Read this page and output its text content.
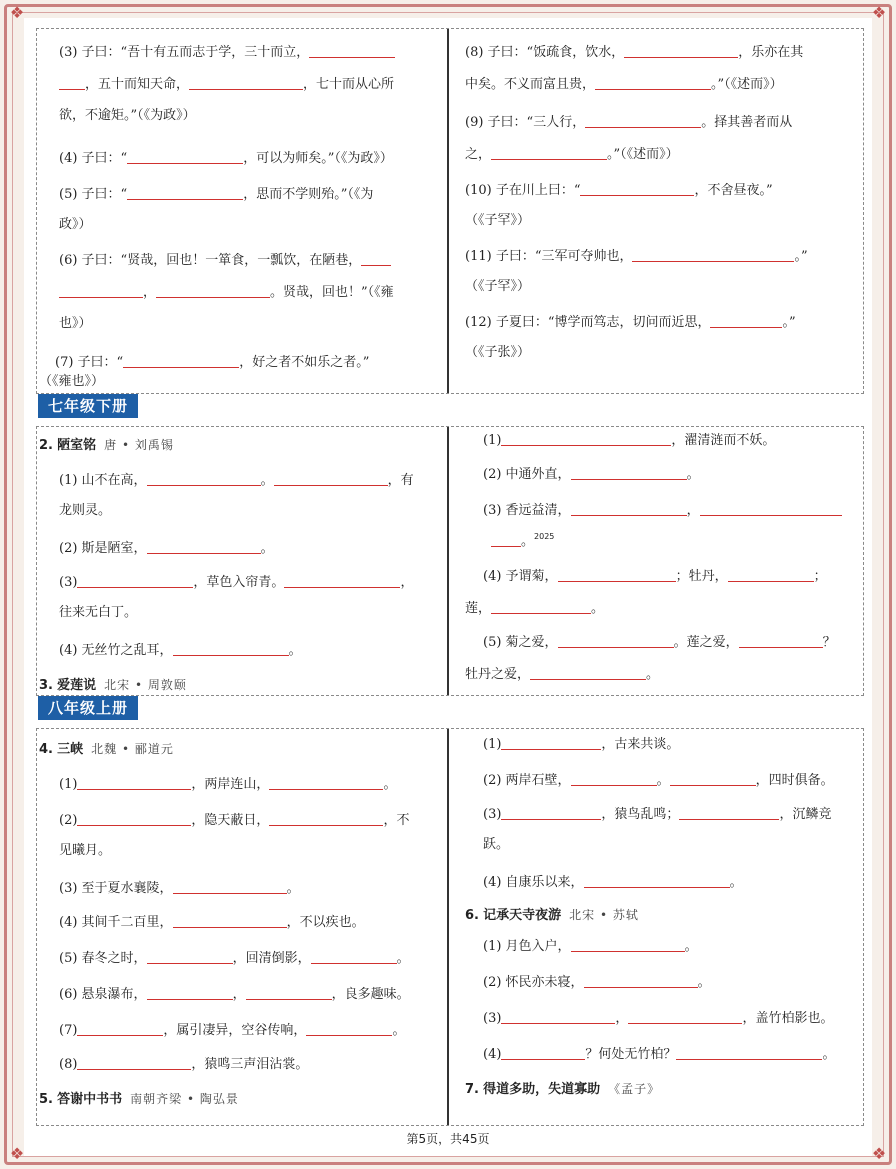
❖	❖
❖	❖
(3) 子曰：“吾十有五而志于学，三十而立，
，五十而知天命，	，七十而从心所
欲，不逾矩。”（《为政》）
(4) 子曰：“	，可以为师矣。”（《为政》）
(5) 子曰：“	，思而不学则殆。”（《为
政》）
(6) 子曰：“贤哉，回也！一箪食，一瓢饮，在陋巷，
，	。贤哉，回也！”（《雍
也》）
(7) 子曰：“	，好之者不如乐之者。”
（《雍也》）
(8) 子曰：“饭疏食，饮水，	，乐亦在其
中矣。不义而富且贵，	。”（《述而》）
(9) 子曰：“三人行，	。择其善者而从
之，	。”（《述而》）
(10) 子在川上曰：“	，不舍昼夜。”
（《子罕》）
(11) 子曰：“三军可夺帅也，	。”
（《子罕》）
(12) 子夏曰：“博学而笃志，切问而近思，	。”
（《子张》）
七年级下册
2. 陋室铭 唐 • 刘禹锡
(1) 山不在高，	。	，有
龙则灵。
(2) 斯是陋室，	。
(3)	，草色入帘青。	，
往来无白丁。
(4) 无丝竹之乱耳，	。
3. 爱莲说 北宋 • 周敦颐
(1)	，濯清涟而不妖。
(2) 中通外直，	。
(3) 香远益清，	，
。$^{2025}$
(4) 予谓菊，	；牡丹，	；
莲，	。
(5) 菊之爱，	。莲之爱，	？
牡丹之爱，	。
八年级上册
4. 三峡 北魏 • 郦道元
(1)	，两岸连山，	。
(2)	，隐天蔽日，	，不
见曦月。
(3) 至于夏水襄陵，	。
(4) 其间千二百里，	，不以疾也。
(5) 春冬之时，	，回清倒影，	。
(6) 悬泉瀑布，	，	，良多趣味。
(7)	，属引凄异，空谷传响，	。
(8)	，猿鸣三声泪沾裳。
5. 答谢中书书 南朝齐梁 • 陶弘景
(1)	，古来共谈。
(2) 两岸石壁，	。	，四时俱备。
(3)	，猿鸟乱鸣；	，沉鳞竞
跃。
(4) 自康乐以来，	。
6. 记承天寺夜游 北宋 • 苏轼
(1) 月色入户，	。
(2) 怀民亦未寝，	。
(3)	，	，盖竹柏影也。
(4)	？何处无竹柏？	。
7. 得道多助，失道寡助 《孟子》
第5页，共45页
